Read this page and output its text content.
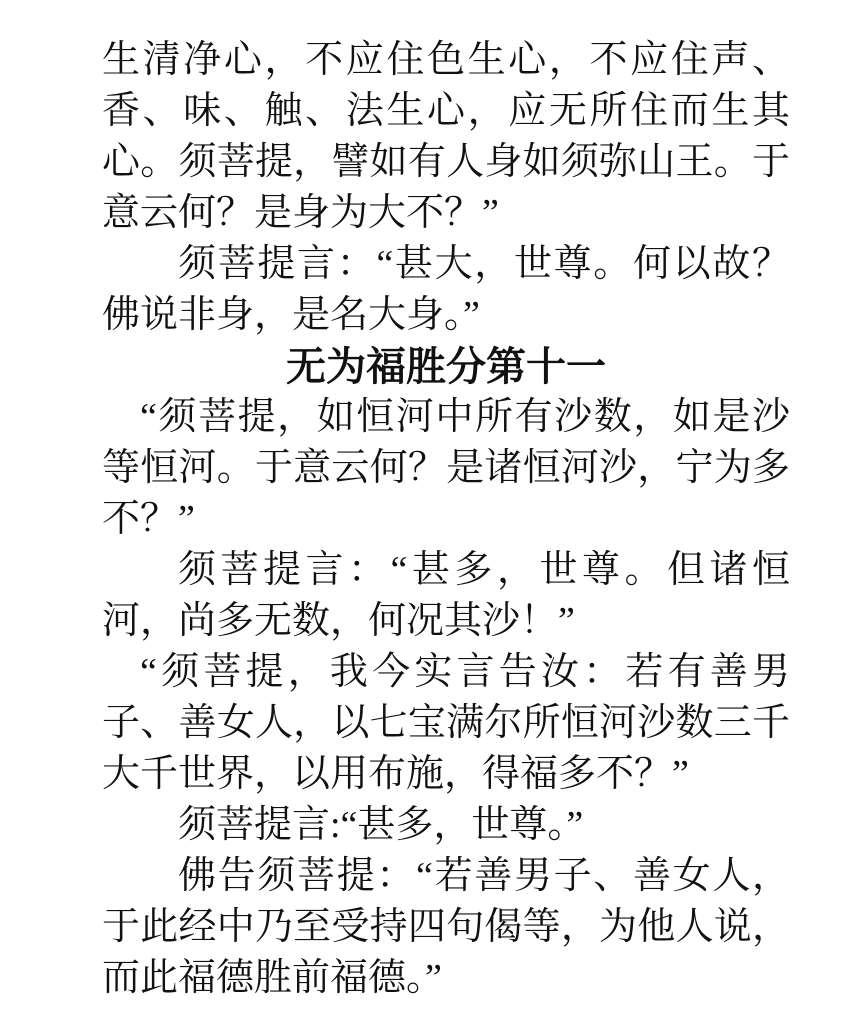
生清净心，不应住色生心，不应住声、
香、味、触、法生心，应无所住而生其
心。须菩提，譬如有人身如须弥山王。于
意云何？是身为大不？”
须菩提言：“甚大，世尊。何以故？
佛说非身，是名大身。”
无为福胜分第十一
“须菩提，如恒河中所有沙数，如是沙
等恒河。于意云何？是诸恒河沙，宁为多
不？”
须菩提言：“甚多，世尊。但诸恒
河，尚多无数，何况其沙！”
“须菩提，我今实言告汝：若有善男
子、善女人，以七宝满尔所恒河沙数三千
大千世界，以用布施，得福多不？”
须菩提言:“甚多，世尊。”
佛告须菩提：“若善男子、善女人，
于此经中乃至受持四句偈等，为他人说，
而此福德胜前福德。”
